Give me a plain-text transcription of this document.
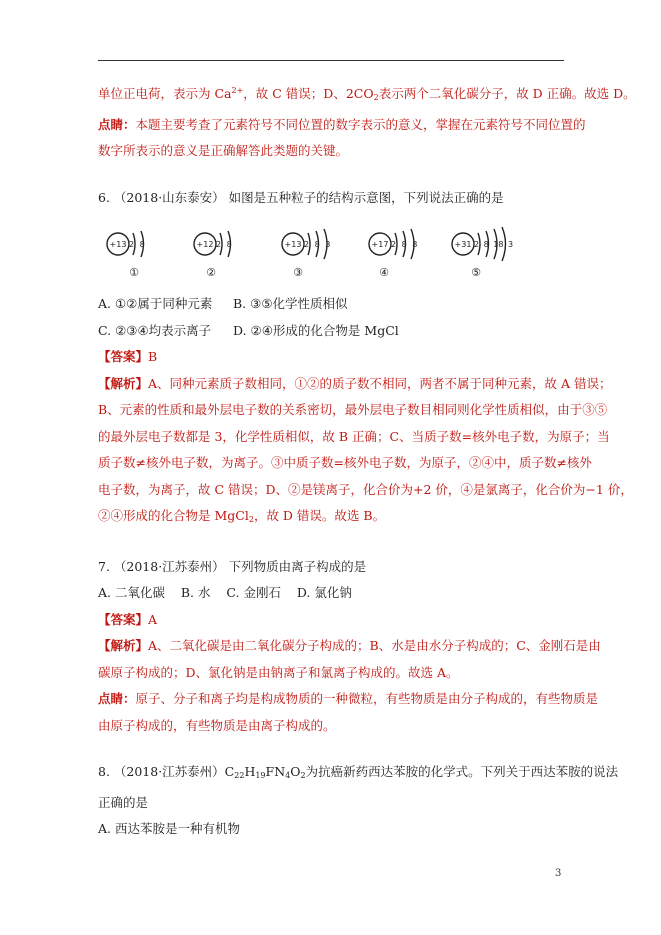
单位正电荷，表示为 $Ca^{2+}$，故 C 错误；D、$2CO_2$表示两个二氧化碳分子，故 D 正确。故选 D。
点睛：本题主要考查了元素符号不同位置的数字表示的意义，掌握在元素符号不同位置的
数字所表示的意义是正确解答此类题的关键。
6. （2018·山东泰安） 如图是五种粒子的结构示意图，下列说法正确的是
+13	+12	+13	+17	+31
2 8	2 8	2 8 3	2 8 8	2 8 18 3
①	②	③	④	⑤
A. ①②属于同种元素 B. ③⑤化学性质相似
C. ②③④均表示离子 D. ②④形成的化合物是 MgCl
【答案】B
【解析】A、同种元素质子数相同，①②的质子数不相同，两者不属于同种元素，故 A 错误；
B、元素的性质和最外层电子数的关系密切，最外层电子数目相同则化学性质相似，由于③⑤
的最外层电子数都是 3，化学性质相似，故 B 正确；C、当质子数=核外电子数，为原子；当
质子数≠核外电子数，为离子。③中质子数=核外电子数，为原子，②④中，质子数≠核外
电子数，为离子，故 C 错误；D、②是镁离子，化合价为+2 价，④是氯离子，化合价为−1 价，
②④形成的化合物是 MgCl$_2$，故 D 错误。故选 B。
7. （2018·江苏泰州） 下列物质由离子构成的是
A. 二氧化碳    B. 水    C. 金刚石    D. 氯化钠
【答案】A
【解析】A、二氧化碳是由二氧化碳分子构成的；B、水是由水分子构成的；C、金刚石是由
碳原子构成的；D、氯化钠是由钠离子和氯离子构成的。故选 A。
点睛：原子、分子和离子均是构成物质的一种微粒，有些物质是由分子构成的，有些物质是
由原子构成的，有些物质是由离子构成的。
8. （2018·江苏泰州）$C_{22}H_{19}FN_4O_2$为抗癌新药西达苯胺的化学式。下列关于西达苯胺的说法
正确的是
A. 西达苯胺是一种有机物
3
